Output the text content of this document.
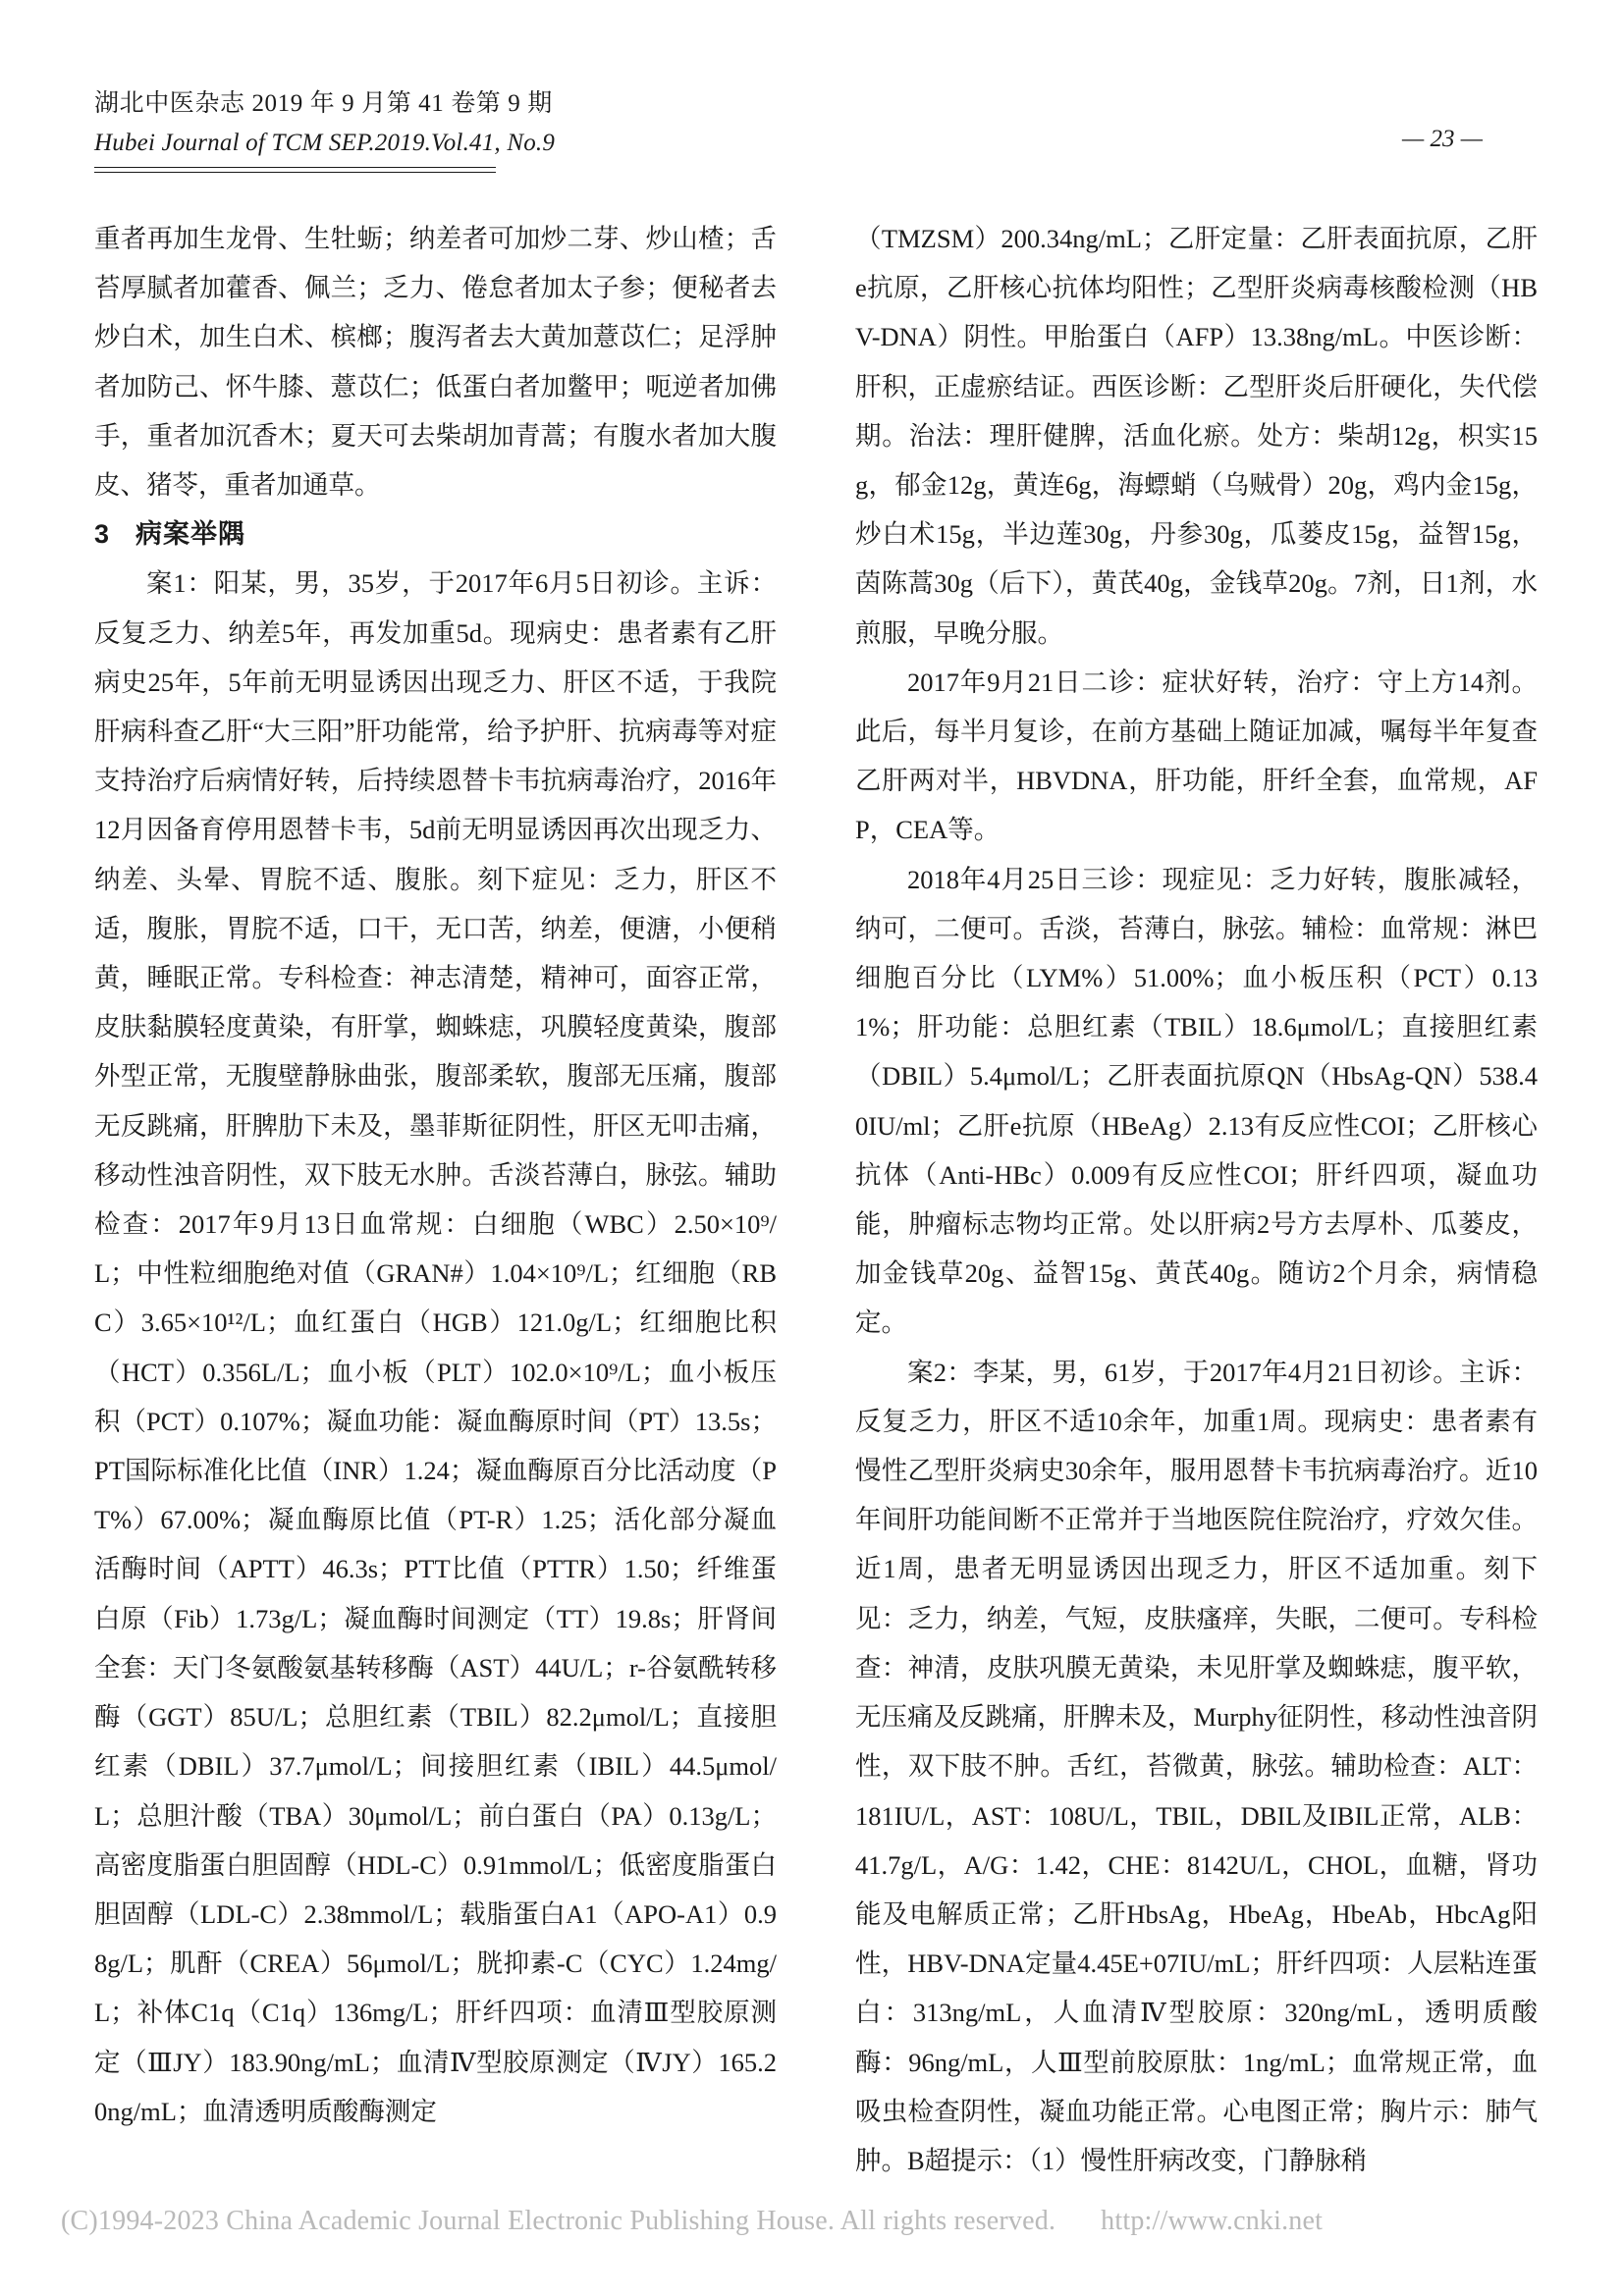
湖北中医杂志 2019 年 9 月第 41 卷第 9 期
Hubei Journal of TCM SEP.2019.Vol.41, No.9	— 23 —

重者再加生龙骨、生牡蛎；纳差者可加炒二芽、炒山楂；舌苔厚腻者加藿香、佩兰；乏力、倦怠者加太子参；便秘者去炒白术，加生白术、槟榔；腹泻者去大黄加薏苡仁；足浮肿者加防己、怀牛膝、薏苡仁；低蛋白者加鳖甲；呃逆者加佛手，重者加沉香木；夏天可去柴胡加青蒿；有腹水者加大腹皮、猪苓，重者加通草。

3 病案举隅

案1：阳某，男，35岁，于2017年6月5日初诊。主诉：反复乏力、纳差5年，再发加重5d。现病史：患者素有乙肝病史25年，5年前无明显诱因出现乏力、肝区不适，于我院肝病科查乙肝“大三阳”肝功能常，给予护肝、抗病毒等对症支持治疗后病情好转，后持续恩替卡韦抗病毒治疗，2016年12月因备育停用恩替卡韦，5d前无明显诱因再次出现乏力、纳差、头晕、胃脘不适、腹胀。刻下症见：乏力，肝区不适，腹胀，胃脘不适，口干，无口苦，纳差，便溏，小便稍黄，睡眠正常。专科检查：神志清楚，精神可，面容正常，皮肤黏膜轻度黄染，有肝掌，蜘蛛痣，巩膜轻度黄染，腹部外型正常，无腹壁静脉曲张，腹部柔软，腹部无压痛，腹部无反跳痛，肝脾肋下未及，墨菲斯征阴性，肝区无叩击痛，移动性浊音阴性，双下肢无水肿。舌淡苔薄白，脉弦。辅助检查：2017年9月13日血常规：白细胞（WBC）2.50×10⁹/L；中性粒细胞绝对值（GRAN#）1.04×10⁹/L；红细胞（RBC）3.65×10¹²/L；血红蛋白（HGB）121.0g/L；红细胞比积（HCT）0.356L/L；血小板（PLT）102.0×10⁹/L；血小板压积（PCT）0.107%；凝血功能：凝血酶原时间（PT）13.5s；PT国际标准化比值（INR）1.24；凝血酶原百分比活动度（PT%）67.00%；凝血酶原比值（PT-R）1.25；活化部分凝血活酶时间（APTT）46.3s；PTT比值（PTTR）1.50；纤维蛋白原（Fib）1.73g/L；凝血酶时间测定（TT）19.8s；肝肾间全套：天门冬氨酸氨基转移酶（AST）44U/L；r-谷氨酰转移酶（GGT）85U/L；总胆红素（TBIL）82.2μmol/L；直接胆红素（DBIL）37.7μmol/L；间接胆红素（IBIL）44.5μmol/L；总胆汁酸（TBA）30μmol/L；前白蛋白（PA）0.13g/L；高密度脂蛋白胆固醇（HDL-C）0.91mmol/L；低密度脂蛋白胆固醇（LDL-C）2.38mmol/L；载脂蛋白A1（APO-A1）0.98g/L；肌酐（CREA）56μmol/L；胱抑素-C（CYC）1.24mg/L；补体C1q（C1q）136mg/L；肝纤四项：血清Ⅲ型胶原测定（ⅢJY）183.90ng/mL；血清Ⅳ型胶原测定（ⅣJY）165.20ng/mL；血清透明质酸酶测定

（TMZSM）200.34ng/mL；乙肝定量：乙肝表面抗原，乙肝e抗原，乙肝核心抗体均阳性；乙型肝炎病毒核酸检测（HBV-DNA）阴性。甲胎蛋白（AFP）13.38ng/mL。中医诊断：肝积，正虚瘀结证。西医诊断：乙型肝炎后肝硬化，失代偿期。治法：理肝健脾，活血化瘀。处方：柴胡12g，枳实15g，郁金12g，黄连6g，海螵蛸（乌贼骨）20g，鸡内金15g，炒白术15g，半边莲30g，丹参30g，瓜蒌皮15g，益智15g，茵陈蒿30g（后下），黄芪40g，金钱草20g。7剂，日1剂，水煎服，早晚分服。

2017年9月21日二诊：症状好转，治疗：守上方14剂。此后，每半月复诊，在前方基础上随证加减，嘱每半年复查乙肝两对半，HBVDNA，肝功能，肝纤全套，血常规，AFP，CEA等。

2018年4月25日三诊：现症见：乏力好转，腹胀减轻，纳可，二便可。舌淡，苔薄白，脉弦。辅检：血常规：淋巴细胞百分比（LYM%）51.00%；血小板压积（PCT）0.131%；肝功能：总胆红素（TBIL）18.6μmol/L；直接胆红素（DBIL）5.4μmol/L；乙肝表面抗原QN（HbsAg-QN）538.40IU/ml；乙肝e抗原（HBeAg）2.13有反应性COI；乙肝核心抗体（Anti-HBc）0.009有反应性COI；肝纤四项，凝血功能，肿瘤标志物均正常。处以肝病2号方去厚朴、瓜蒌皮，加金钱草20g、益智15g、黄芪40g。随访2个月余，病情稳定。

案2：李某，男，61岁，于2017年4月21日初诊。主诉：反复乏力，肝区不适10余年，加重1周。现病史：患者素有慢性乙型肝炎病史30余年，服用恩替卡韦抗病毒治疗。近10年间肝功能间断不正常并于当地医院住院治疗，疗效欠佳。近1周，患者无明显诱因出现乏力，肝区不适加重。刻下见：乏力，纳差，气短，皮肤瘙痒，失眠，二便可。专科检查：神清，皮肤巩膜无黄染，未见肝掌及蜘蛛痣，腹平软，无压痛及反跳痛，肝脾未及，Murphy征阴性，移动性浊音阴性，双下肢不肿。舌红，苔微黄，脉弦。辅助检查：ALT：181IU/L，AST：108U/L，TBIL，DBIL及IBIL正常，ALB：41.7g/L，A/G：1.42，CHE：8142U/L，CHOL，血糖，肾功能及电解质正常；乙肝HbsAg，HbeAg，HbeAb，HbcAg阳性，HBV-DNA定量4.45E+07IU/mL；肝纤四项：人层粘连蛋白：313ng/mL，人血清Ⅳ型胶原：320ng/mL，透明质酸酶：96ng/mL，人Ⅲ型前胶原肽：1ng/mL；血常规正常，血吸虫检查阴性，凝血功能正常。心电图正常；胸片示：肺气肿。B超提示：（1）慢性肝病改变，门静脉稍

(C)1994-2023 China Academic Journal Electronic Publishing House. All rights reserved. http://www.cnki.net
